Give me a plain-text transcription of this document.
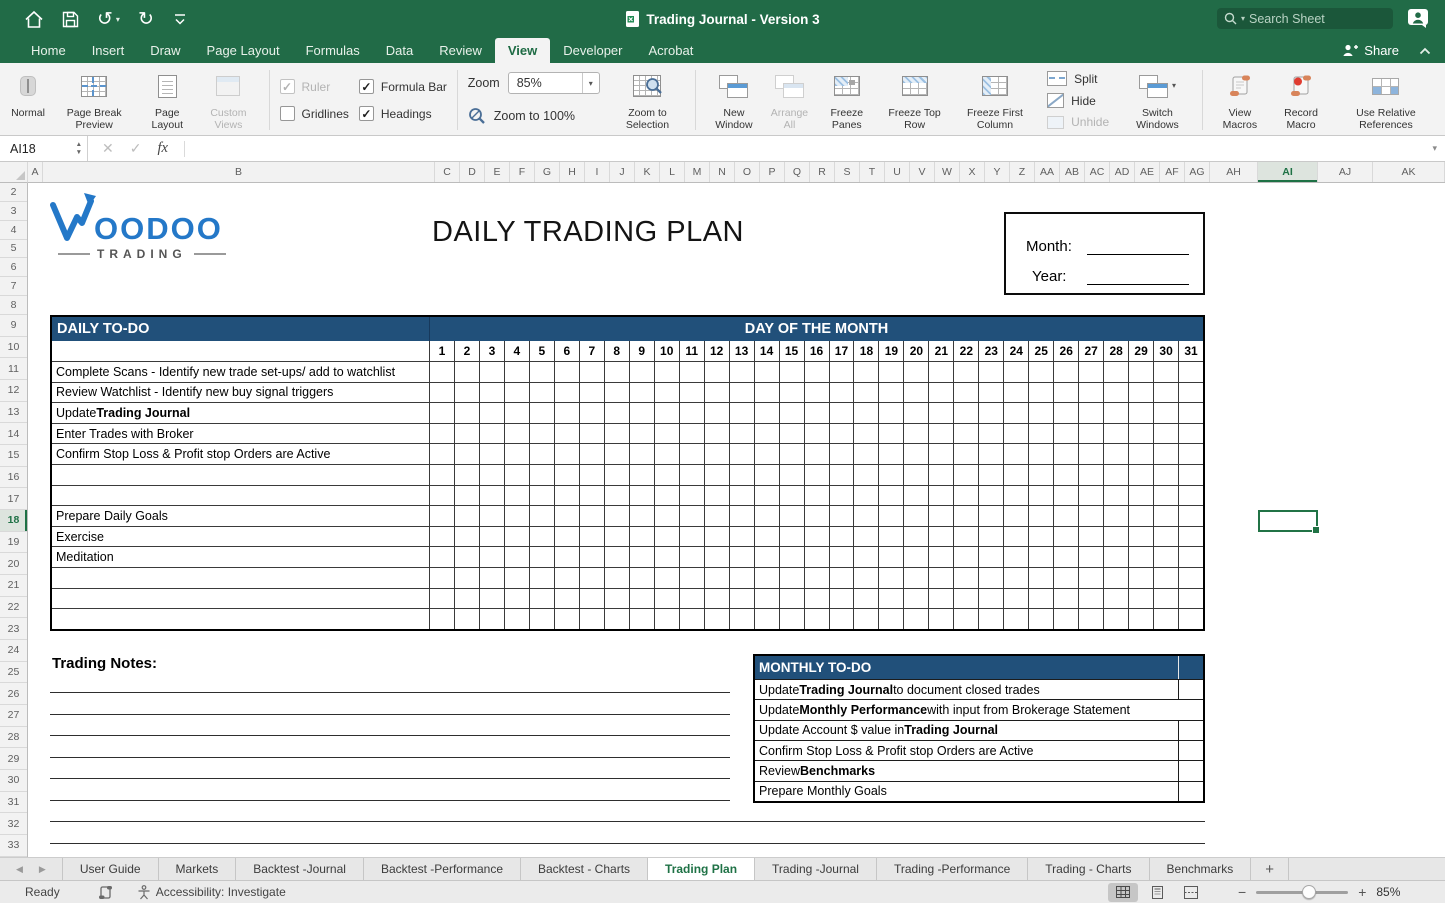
↺ ▾ ↻	Trading Journal - Version 3	▾ Search Sheet
Home	Insert	Draw	Page Layout	Formulas	Data	Review	View	Developer	Acrobat	Share
Normal	Page Break Preview
Page Layout
Custom Views
✓ Ruler
Gridlines
✓ Formula Bar
✓ Headings
Zoom	85%	▾
Zoom to 100%	Zoom to Selection
New Window
Arrange All
Freeze Panes
Freeze Top Row
Freeze First Column
Split
Hide
Unhide
▾
Switch Windows
View Macros
Record Macro
Use Relative References
AI18	▲
▼ ✕ ✓ fx	▾
A	B	C	D	E	F	G	H	I	J	K	L	M	N	O	P	Q	R	S	T	U	V	W	X	Y	Z	AA	AB	AC AD	AE	AF	AG	AH	AI	AJ	AK
2
3
4
5
6
7
8
9
10
11
12
13
14
15
16
17
18
19
20
21
22
23
24
25
26
27
28
29
30
31
32
33
OODOO
TRADING
DAILY TRADING PLAN	Month:
Year:
DAILY TO-DO	DAY OF THE MONTH
1	2	3	4	5	6	7	8	9	10 11 12 13 14 15 16 17 18 19 20 21 22 23 24 25 26 27 28 29 30 31
Complete Scans - Identify new trade set-ups/ add to watchlist
Review Watchlist - Identify new buy signal triggers
Update Trading Journal
Enter Trades with Broker
Confirm Stop Loss & Profit stop Orders are Active
Prepare Daily Goals
Exercise
Meditation
Trading Notes:	MONTHLY TO-DO
Update Trading Journal to document closed trades
Update Monthly Performance with input from Brokerage Statement
Update Account $ value in Trading Journal
Confirm Stop Loss & Profit stop Orders are Active
Review Benchmarks
Prepare Monthly Goals
◀ ▶	User Guide	Markets	Backtest -Journal	Backtest -Performance	Backtest - Charts	Trading Plan	Trading -Journal	Trading -Performance	Trading - Charts	Benchmarks	+
Ready	Accessibility: Investigate	−	+ 85%
